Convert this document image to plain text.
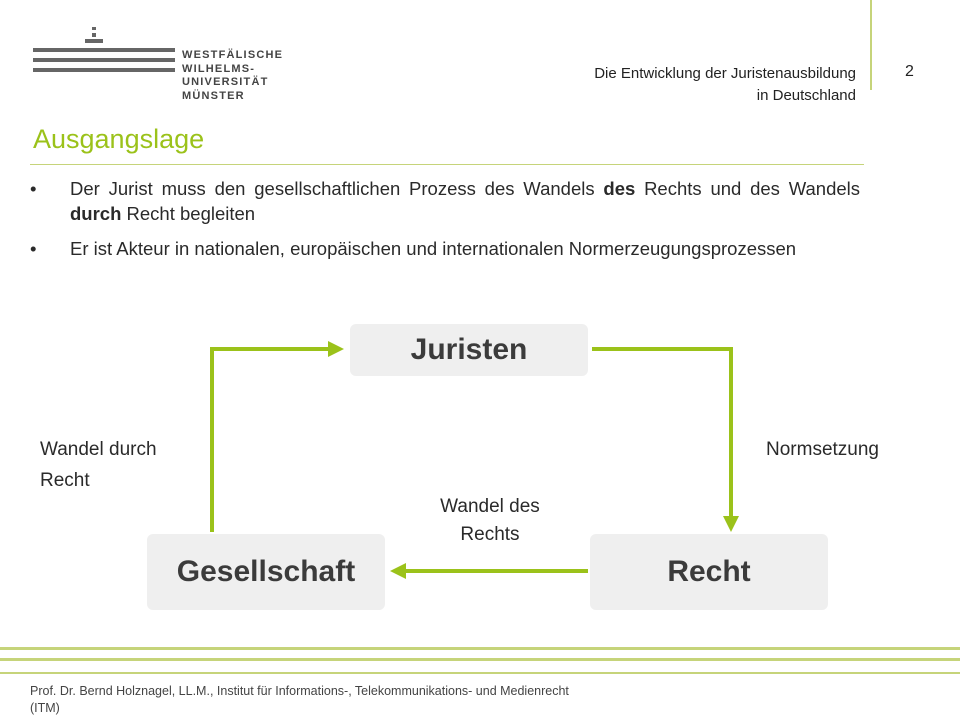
WESTFÄLISCHE
WILHELMS-UNIVERSITÄT
MÜNSTER
Die Entwicklung der Juristenausbildung
in Deutschland
2
Ausgangslage
• Der Jurist muss den gesellschaftlichen Prozess des Wandels des Rechts und des Wandels durch Recht begleiten
• Er ist Akteur in nationalen, europäischen und internationalen Normerzeugungsprozessen
Juristen
Gesellschaft	Recht
Wandel durch
Recht
Normsetzung
Wandel des
Rechts
Prof. Dr. Bernd Holznagel, LL.M., Institut für Informations-, Telekommunikations- und Medienrecht
(ITM)
